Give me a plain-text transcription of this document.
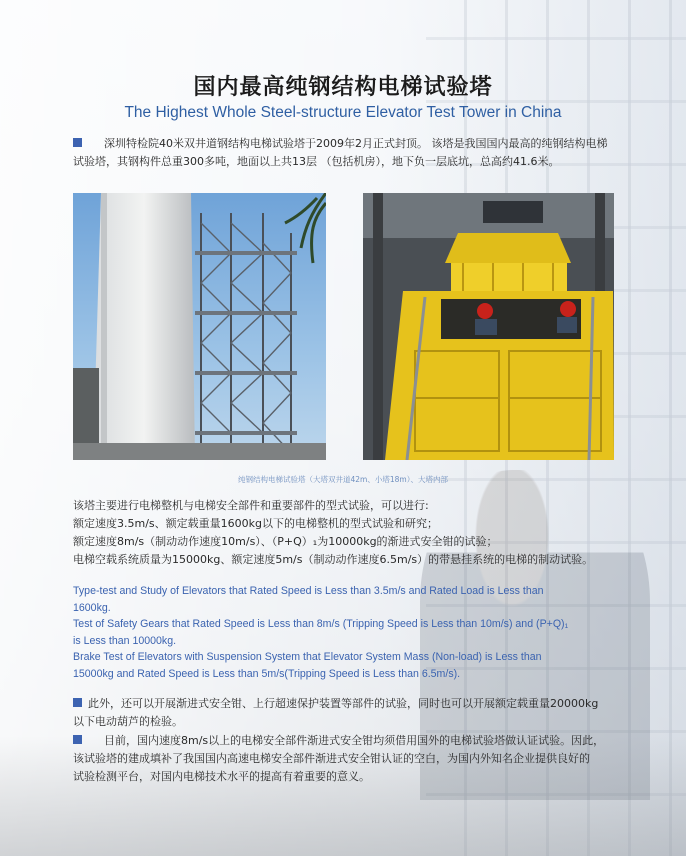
国内最高纯钢结构电梯试验塔
The Highest Whole Steel-structure Elevator Test Tower in China
深圳特检院40米双井道钢结构电梯试验塔于2009年2月正式封顶。 该塔是我国国内最高的纯钢结构电梯
试验塔，其钢构件总重300多吨，地面以上共13层 （包括机房），地下负一层底坑，总高约41.6米。
纯钢结构电梯试验塔（大塔双井道42m、小塔18m）、大塔内部
该塔主要进行电梯整机与电梯安全部件和重要部件的型式试验，可以进行:
额定速度3.5m/s、额定载重量1600kg以下的电梯整机的型式试验和研究；
额定速度8m/s（制动动作速度10m/s）、（P+Q）₁为10000kg的渐进式安全钳的试验；
电梯空载系统质量为15000kg、额定速度5m/s（制动动作速度6.5m/s）的带悬挂系统的电梯的制动试验。
Type-test and Study of Elevators that Rated Speed is Less than 3.5m/s and Rated Load is Less than
1600kg.
Test of Safety Gears that Rated Speed is Less than 8m/s (Tripping Speed is Less than 10m/s) and (P+Q)₁
is Less than 10000kg.
Brake Test of Elevators with Suspension System that Elevator System Mass (Non-load) is Less than
15000kg and Rated Speed is Less than 5m/s(Tripping Speed is Less than 6.5m/s).
此外，还可以开展渐进式安全钳、上行超速保护装置等部件的试验，同时也可以开展额定载重量20000kg
以下电动葫芦的检验。
目前，国内速度8m/s以上的电梯安全部件渐进式安全钳均须借用国外的电梯试验塔做认证试验。因此，
该试验塔的建成填补了我国国内高速电梯安全部件渐进式安全钳认证的空白，为国内外知名企业提供良好的
试验检测平台，对国内电梯技术水平的提高有着重要的意义。
